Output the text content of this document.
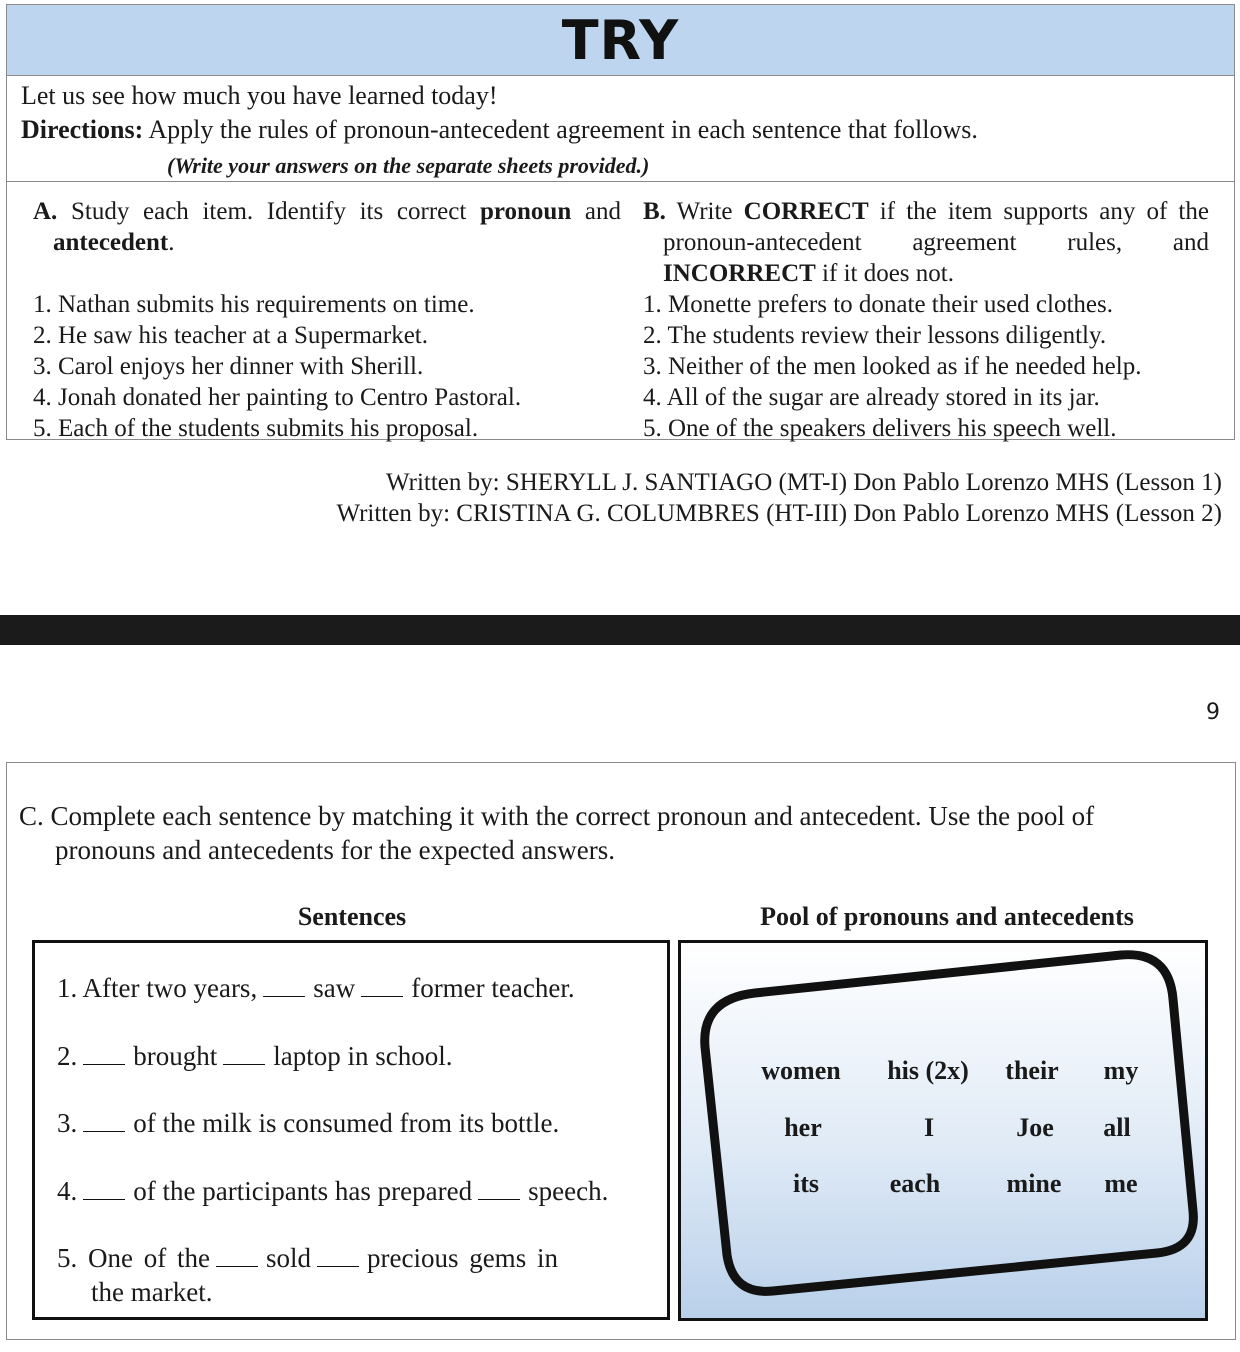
TRY
Let us see how much you have learned today!
Directions: Apply the rules of pronoun-antecedent agreement in each sentence that follows.
(Write your answers on the separate sheets provided.)
A. Study each item. Identify its correct pronoun and antecedent.
1. Nathan submits his requirements on time.
2. He saw his teacher at a Supermarket.
3. Carol enjoys her dinner with Sherill.
4. Jonah donated her painting to Centro Pastoral.
5. Each of the students submits his proposal.
B. Write CORRECT if the item supports any of the pronoun-antecedent agreement rules, and INCORRECT if it does not.
1. Monette prefers to donate their used clothes.
2. The students review their lessons diligently.
3. Neither of the men looked as if he needed help.
4. All of the sugar are already stored in its jar.
5. One of the speakers delivers his speech well.
Written by: SHERYLL J. SANTIAGO (MT-I) Don Pablo Lorenzo MHS (Lesson 1)
Written by: CRISTINA G. COLUMBRES (HT-III) Don Pablo Lorenzo MHS (Lesson 2)
9
C. Complete each sentence by matching it with the correct pronoun and antecedent. Use the pool of
pronouns and antecedents for the expected answers.
Sentences	Pool of pronouns and antecedents
1. After two years, saw former teacher.
2. brought laptop in school.
3. of the milk is consumed from its bottle.
4. of the participants has prepared speech.
5. One of the sold precious gems in
the market.
women	his (2x)	their	my
her	I	Joe	all
its	each	mine	me
